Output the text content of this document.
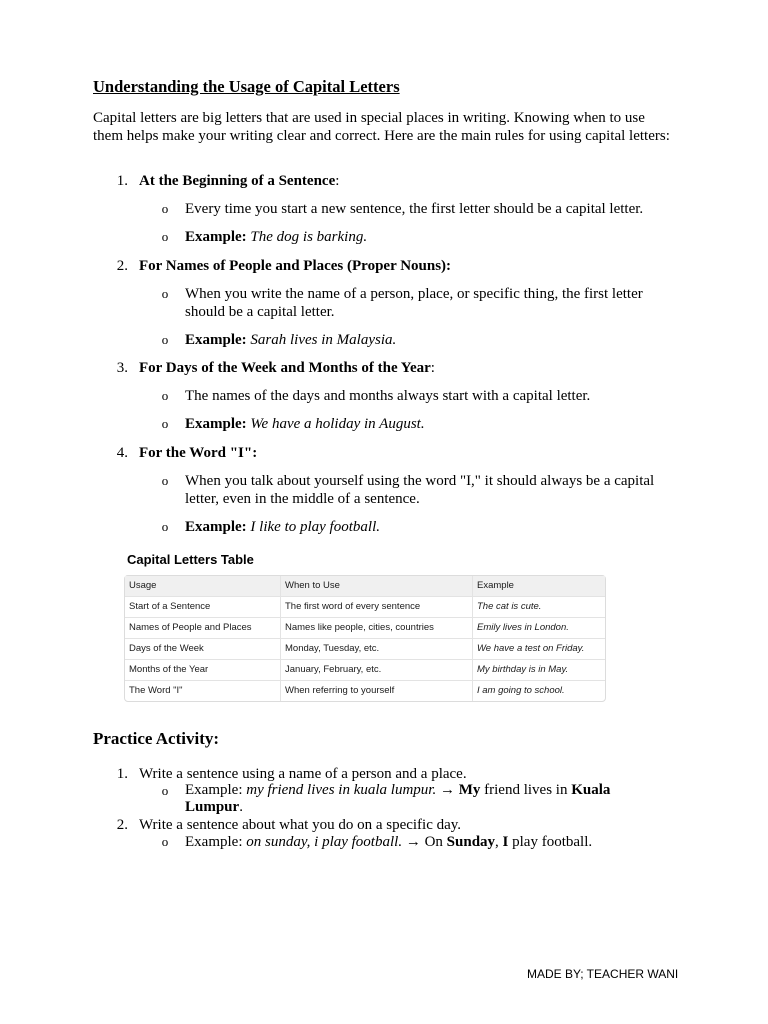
Understanding the Usage of Capital Letters
Capital letters are big letters that are used in special places in writing. Knowing when to use them helps make your writing clear and correct. Here are the main rules for using capital letters:
1. At the Beginning of a Sentence:
o Every time you start a new sentence, the first letter should be a capital letter.
o Example: The dog is barking.
2. For Names of People and Places (Proper Nouns):
o When you write the name of a person, place, or specific thing, the first letter should be a capital letter.
o Example: Sarah lives in Malaysia.
3. For Days of the Week and Months of the Year:
o The names of the days and months always start with a capital letter.
o Example: We have a holiday in August.
4. For the Word "I":
o When you talk about yourself using the word "I," it should always be a capital letter, even in the middle of a sentence.
o Example: I like to play football.
Capital Letters Table
Usage	When to Use	Example
Start of a Sentence	The first word of every sentence	The cat is cute.
Names of People and Places	Names like people, cities, countries	Emily lives in London.
Days of the Week	Monday, Tuesday, etc.	We have a test on Friday.
Months of the Year	January, February, etc.	My birthday is in May.
The Word "I"	When referring to yourself	I am going to school.
Practice Activity:
1. Write a sentence using a name of a person and a place.
o Example: my friend lives in kuala lumpur. → My friend lives in Kuala Lumpur.
2. Write a sentence about what you do on a specific day.
o Example: on sunday, i play football. → On Sunday, I play football.
MADE BY; TEACHER WANI
